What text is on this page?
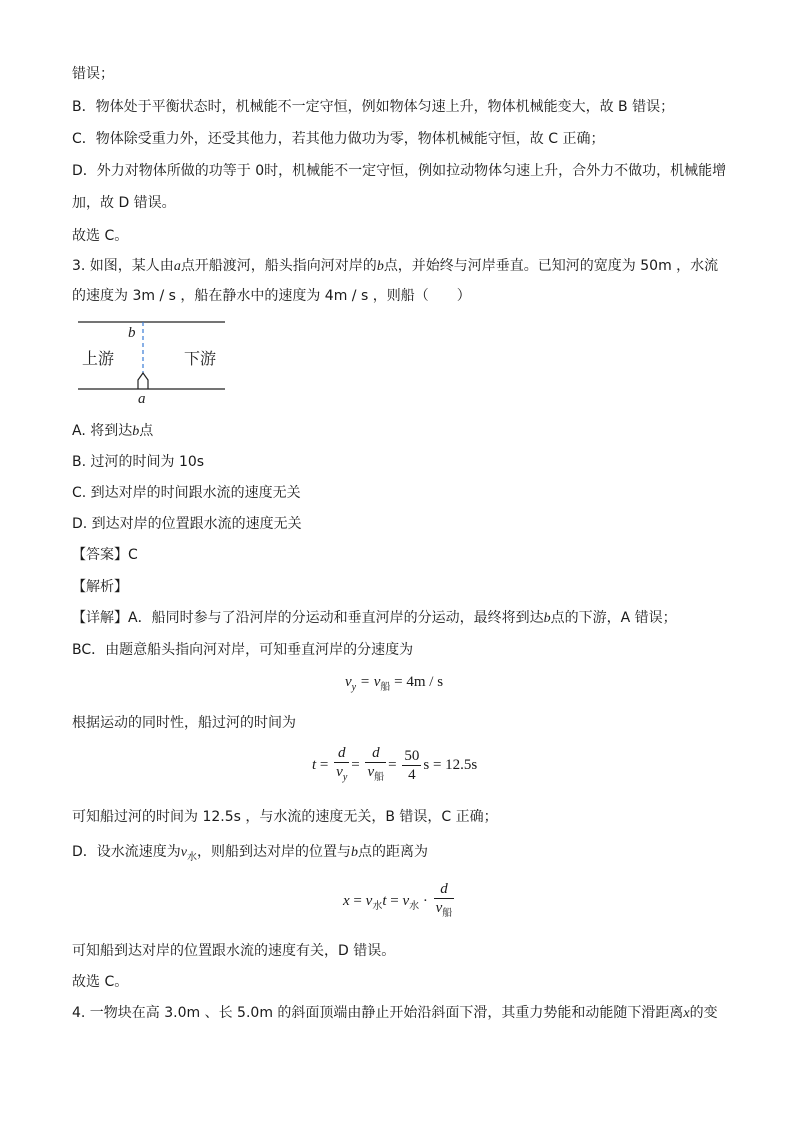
错误；
B．物体处于平衡状态时，机械能不一定守恒，例如物体匀速上升，物体机械能变大，故 B 错误；
C．物体除受重力外，还受其他力，若其他力做功为零，物体机械能守恒，故 C 正确；
D．外力对物体所做的功等于 0时，机械能不一定守恒，例如拉动物体匀速上升，合外力不做功，机械能增
加，故 D 错误。
故选 C。
3. 如图，某人由a点开船渡河，船头指向河对岸的b点，并始终与河岸垂直。已知河的宽度为 50m ，水流
的速度为 3m / s ，船在静水中的速度为 4m / s ，则船（　　）
b
a
上游	下游
A. 将到达b点
B. 过河的时间为 10s
C. 到达对岸的时间跟水流的速度无关
D. 到达对岸的位置跟水流的速度无关
【答案】C
【解析】
【详解】A．船同时参与了沿河岸的分运动和垂直河岸的分运动，最终将到达b点的下游，A 错误；
BC．由题意船头指向河对岸，可知垂直河岸的分速度为
$v_y = v_船 = 4m / s$
根据运动的同时性，船过河的时间为
$t = \frac{d}{v_y} = \frac{d}{v_船} = \frac{50}{4}$ s = 12.5s
可知船过河的时间为 12.5s ，与水流的速度无关，B 错误，C 正确；
D．设水流速度为$v_水$，则船到达对岸的位置与b点的距离为
$x = v_水t = v_水 \cdot \frac{d}{v_船}$
可知船到达对岸的位置跟水流的速度有关，D 错误。
故选 C。
4. 一物块在高 3.0m 、长 5.0m 的斜面顶端由静止开始沿斜面下滑，其重力势能和动能随下滑距离x的变
